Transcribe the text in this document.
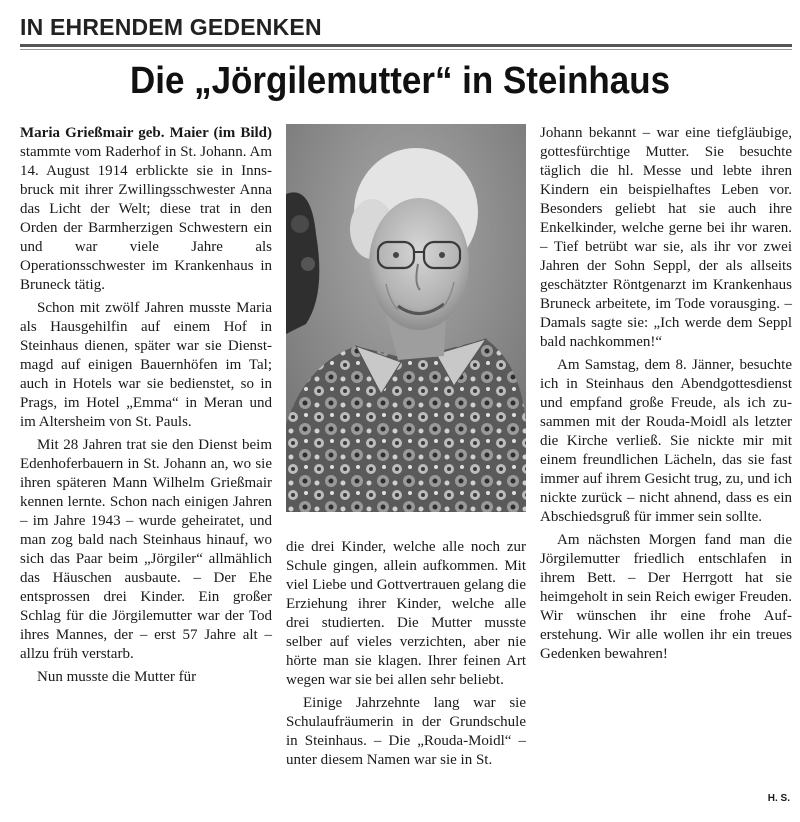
IN EHRENDEM GEDENKEN
Die „Jörgilemutter“ in Steinhaus

Maria Grießmair geb. Maier (im Bild) stammte vom Raderhof in St. Johann. Am 14. August 1914 erblickte sie in Innsbruck mit ihrer Zwillingsschwester Anna das Licht der Welt; diese trat in den Orden der Barmherzigen Schwestern ein und war viele Jahre als Operationsschwester im Krankenhaus in Bruneck tätig.

Schon mit zwölf Jahren musste Maria als Hausgehilfin auf einem Hof in Steinhaus dienen, später war sie Dienstmagd auf einigen Bauernhöfen im Tal; auch in Hotels war sie bedienstet, so in Prags, im Hotel „Emma“ in Meran und im Altersheim von St. Pauls.

Mit 28 Jahren trat sie den Dienst beim Edenhoferbauern in St. Johann an, wo sie ihren späteren Mann Wilhelm Grießmair kennen lernte. Schon nach einigen Jahren – im Jahre 1943 – wurde geheiratet, und man zog bald nach Steinhaus hinauf, wo sich das Paar beim „Jörgiler“ allmählich das Häuschen ausbaute. – Der Ehe entsprossen drei Kinder. Ein großer Schlag für die Jörgilemutter war der Tod ihres Mannes, der – erst 57 Jahre alt – allzu früh verstarb.

Nun musste die Mutter für

die drei Kinder, welche alle noch zur Schule gingen, allein aufkommen. Mit viel Liebe und Gottvertrauen gelang die Erziehung ihrer Kinder, welche alle drei studierten. Die Mutter musste selber auf vieles verzichten, aber nie hörte man sie klagen. Ihrer feinen Art wegen war sie bei allen sehr beliebt.

Einige Jahrzehnte lang war sie Schulaufräumerin in der Grundschule in Steinhaus. – Die „Rouda-Moidl“ – unter diesem Namen war sie in St.

Johann bekannt – war eine tiefgläubige, gottesfürchtige Mutter. Sie besuchte täglich die hl. Messe und lebte ihren Kindern ein beispielhaftes Leben vor. Besonders geliebt hat sie auch ihre Enkelkinder, welche gerne bei ihr waren. – Tief betrübt war sie, als ihr vor zwei Jahren der Sohn Seppl, der als allseits geschätzter Röntgenarzt im Krankenhaus Bruneck arbeitete, im Tode vorausging. – Damals sagte sie: „Ich werde dem Seppl bald nachkommen!“

Am Samstag, dem 8. Jänner, besuchte ich in Steinhaus den Abendgottesdienst und empfand große Freude, als ich zusammen mit der Rouda-Moidl als letzter die Kirche verließ. Sie nickte mir mit einem freundlichen Lächeln, das sie fast immer auf ihrem Gesicht trug, zu, und ich nickte zurück – nicht ahnend, dass es ein Abschiedsgruß für immer sein sollte.

Am nächsten Morgen fand man die Jörgilemutter friedlich entschlafen in ihrem Bett. – Der Herrgott hat sie heimgeholt in sein Reich ewiger Freuden. Wir wünschen ihr eine frohe Auferstehung. Wir alle wollen ihr ein treues Gedenken bewahren!

H. S.
